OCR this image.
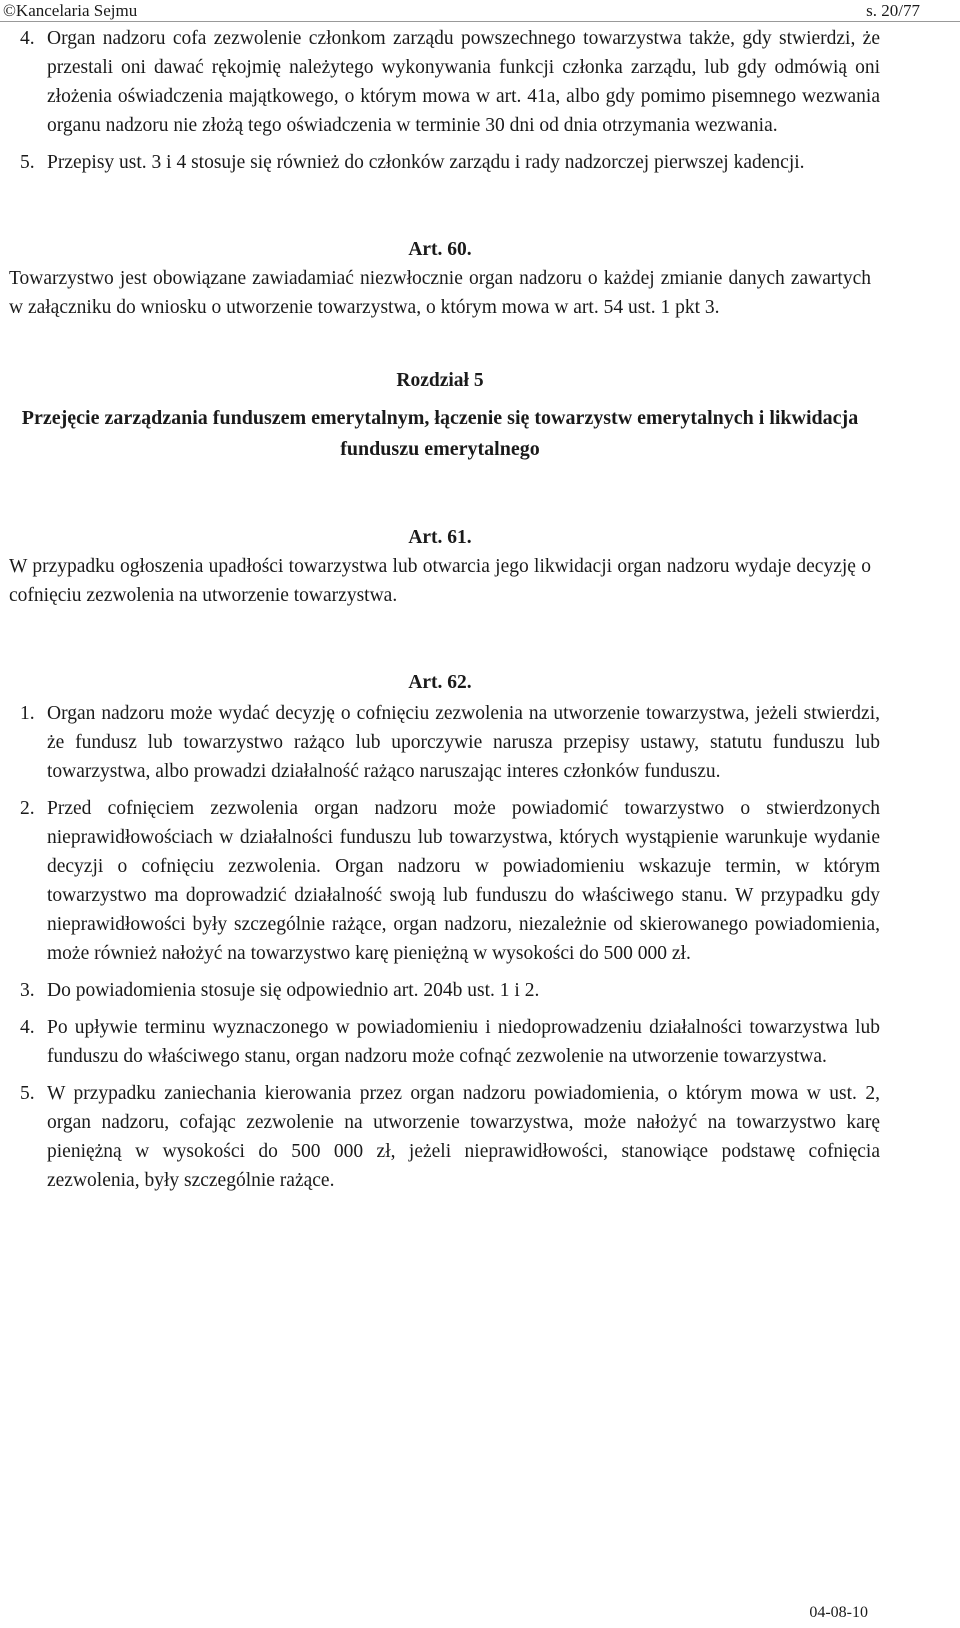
©Kancelaria Sejmu	s. 20/77
4. Organ nadzoru cofa zezwolenie członkom zarządu powszechnego towarzystwa także, gdy stwierdzi, że przestali oni dawać rękojmię należytego wykonywania funkcji członka zarządu, lub gdy odmówią oni złożenia oświadczenia majątkowego, o którym mowa w art. 41a, albo gdy pomimo pisemnego wezwania organu nadzoru nie złożą tego oświadczenia w terminie 30 dni od dnia otrzymania wezwania.
5. Przepisy ust. 3 i 4 stosuje się również do członków zarządu i rady nadzorczej pierwszej kadencji.
Art. 60.

Towarzystwo jest obowiązane zawiadamiać niezwłocznie organ nadzoru o każdej zmianie danych zawartych w załączniku do wniosku o utworzenie towarzystwa, o którym mowa w art. 54 ust. 1 pkt 3.

Rozdział 5
Przejęcie zarządzania funduszem emerytalnym, łączenie się towarzystw emerytalnych i likwidacja funduszu emerytalnego
Art. 61.

W przypadku ogłoszenia upadłości towarzystwa lub otwarcia jego likwidacji organ nadzoru wydaje decyzję o cofnięciu zezwolenia na utworzenie towarzystwa.

Art. 62.
1. Organ nadzoru może wydać decyzję o cofnięciu zezwolenia na utworzenie towarzystwa, jeżeli stwierdzi, że fundusz lub towarzystwo rażąco lub uporczywie narusza przepisy ustawy, statutu funduszu lub towarzystwa, albo prowadzi działalność rażąco naruszając interes członków funduszu.
2. Przed cofnięciem zezwolenia organ nadzoru może powiadomić towarzystwo o stwierdzonych nieprawidłowościach w działalności funduszu lub towarzystwa, których wystąpienie warunkuje wydanie decyzji o cofnięciu zezwolenia. Organ nadzoru w powiadomieniu wskazuje termin, w którym towarzystwo ma doprowadzić działalność swoją lub funduszu do właściwego stanu. W przypadku gdy nieprawidłowości były szczególnie rażące, organ nadzoru, niezależnie od skierowanego powiadomienia, może również nałożyć na towarzystwo karę pieniężną w wysokości do 500 000 zł.
3. Do powiadomienia stosuje się odpowiednio art. 204b ust. 1 i 2.
4. Po upływie terminu wyznaczonego w powiadomieniu i niedoprowadzeniu działalności towarzystwa lub funduszu do właściwego stanu, organ nadzoru może cofnąć zezwolenie na utworzenie towarzystwa.
5. W przypadku zaniechania kierowania przez organ nadzoru powiadomienia, o którym mowa w ust. 2, organ nadzoru, cofając zezwolenie na utworzenie towarzystwa, może nałożyć na towarzystwo karę pieniężną w wysokości do 500 000 zł, jeżeli nieprawidłowości, stanowiące podstawę cofnięcia zezwolenia, były szczególnie rażące.
04-08-10
